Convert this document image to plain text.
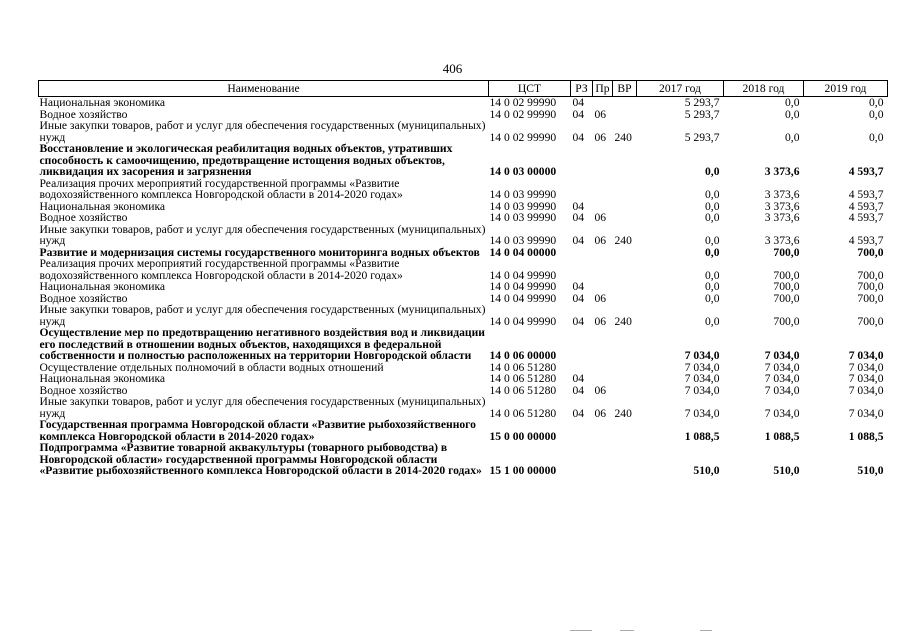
406
Наименование	ЦСТ	РЗ	Пр	ВР	2017 год	2018 год	2019 год
Национальная экономика	14 0 02 99990	04			5 293,7	0,0	0,0
Водное хозяйство	14 0 02 99990	04	06		5 293,7	0,0	0,0
Иные закупки товаров, работ и услуг для обеспечения государственных (муниципальных) нужд	14 0 02 99990	04	06	240	5 293,7	0,0	0,0
Восстановление и экологическая реабилитация водных объектов, утративших способность к самоочищению, предотвращение истощения водных объектов, ликвидация их засорения и загрязнения	14 0 03 00000				0,0	3 373,6	4 593,7
Реализация прочих мероприятий государственной программы «Развитие водохозяйственного комплекса Новгородской области в 2014-2020 годах»	14 0 03 99990				0,0	3 373,6	4 593,7
Национальная экономика	14 0 03 99990	04			0,0	3 373,6	4 593,7
Водное хозяйство	14 0 03 99990	04	06		0,0	3 373,6	4 593,7
Иные закупки товаров, работ и услуг для обеспечения государственных (муниципальных) нужд	14 0 03 99990	04	06	240	0,0	3 373,6	4 593,7
Развитие и модернизация системы государственного мониторинга водных объектов	14 0 04 00000				0,0	700,0	700,0
Реализация прочих мероприятий государственной программы «Развитие водохозяйственного комплекса Новгородской области в 2014-2020 годах»	14 0 04 99990				0,0	700,0	700,0
Национальная экономика	14 0 04 99990	04			0,0	700,0	700,0
Водное хозяйство	14 0 04 99990	04	06		0,0	700,0	700,0
Иные закупки товаров, работ и услуг для обеспечения государственных (муниципальных) нужд	14 0 04 99990	04	06	240	0,0	700,0	700,0
Осуществление мер по предотвращению негативного воздействия вод и ликвидации его последствий в отношении водных объектов, находящихся в федеральной собственности и полностью расположенных на территории Новгородской области	14 0 06 00000				7 034,0	7 034,0	7 034,0
Осуществление отдельных полномочий в области водных отношений	14 0 06 51280				7 034,0	7 034,0	7 034,0
Национальная экономика	14 0 06 51280	04			7 034,0	7 034,0	7 034,0
Водное хозяйство	14 0 06 51280	04	06		7 034,0	7 034,0	7 034,0
Иные закупки товаров, работ и услуг для обеспечения государственных (муниципальных) нужд	14 0 06 51280	04	06	240	7 034,0	7 034,0	7 034,0
Государственная программа Новгородской области «Развитие рыбохозяйственного комплекса Новгородской области в 2014-2020 годах»	15 0 00 00000				1 088,5	1 088,5	1 088,5
Подпрограмма «Развитие товарной аквакультуры (товарного рыбоводства) в Новгородской области» государственной программы Новгородской области «Развитие рыбохозяйственного комплекса Новгородской области в 2014-2020 годах»	15 1 00 00000				510,0	510,0	510,0
